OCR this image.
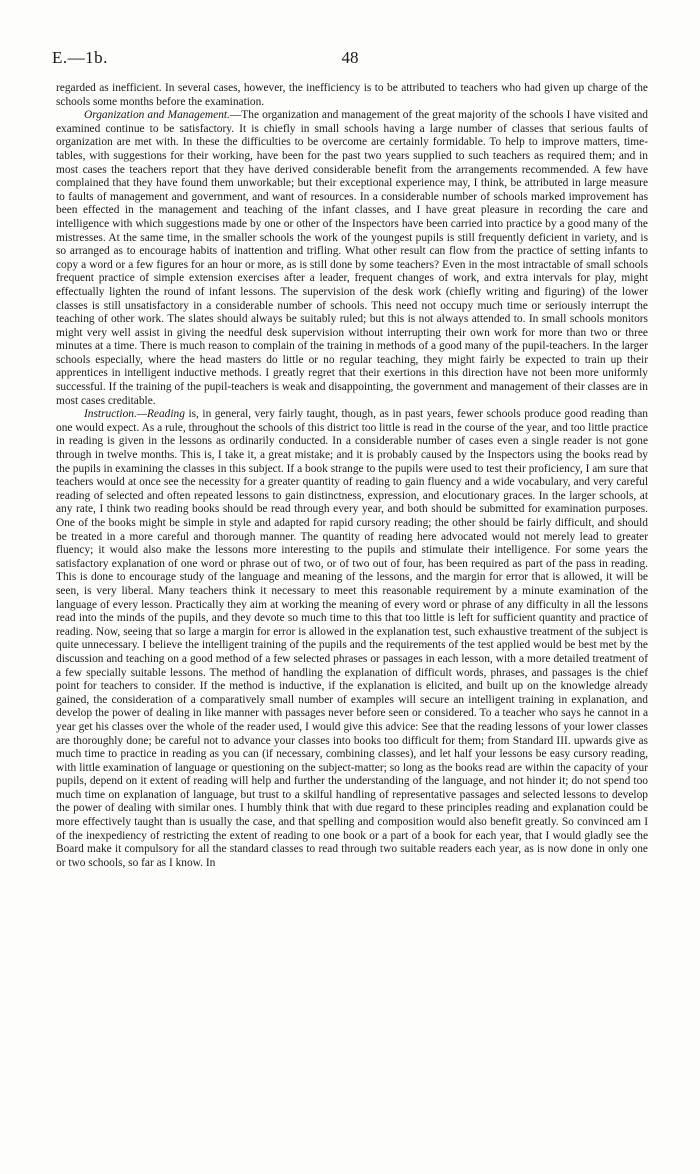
E.—1b.	48

regarded as inefficient. In several cases, however, the inefficiency is to be attributed to teachers who had given up charge of the schools some months before the examination.

Organization and Management.—The organization and management of the great majority of the schools I have visited and examined continue to be satisfactory. It is chiefly in small schools having a large number of classes that serious faults of organization are met with. In these the difficulties to be overcome are certainly formidable. To help to improve matters, time-tables, with suggestions for their working, have been for the past two years supplied to such teachers as required them; and in most cases the teachers report that they have derived considerable benefit from the arrangements recommended. A few have complained that they have found them unworkable; but their exceptional experience may, I think, be attributed in large measure to faults of management and government, and want of resources. In a considerable number of schools marked improvement has been effected in the management and teaching of the infant classes, and I have great pleasure in recording the care and intelligence with which suggestions made by one or other of the Inspectors have been carried into practice by a good many of the mistresses. At the same time, in the smaller schools the work of the youngest pupils is still frequently deficient in variety, and is so arranged as to encourage habits of inattention and trifling. What other result can flow from the practice of setting infants to copy a word or a few figures for an hour or more, as is still done by some teachers? Even in the most intractable of small schools frequent practice of simple extension exercises after a leader, frequent changes of work, and extra intervals for play, might effectually lighten the round of infant lessons. The supervision of the desk work (chiefly writing and figuring) of the lower classes is still unsatisfactory in a considerable number of schools. This need not occupy much time or seriously interrupt the teaching of other work. The slates should always be suitably ruled; but this is not always attended to. In small schools monitors might very well assist in giving the needful desk supervision without interrupting their own work for more than two or three minutes at a time. There is much reason to complain of the training in methods of a good many of the pupil-teachers. In the larger schools especially, where the head masters do little or no regular teaching, they might fairly be expected to train up their apprentices in intelligent inductive methods. I greatly regret that their exertions in this direction have not been more uniformly successful. If the training of the pupil-teachers is weak and disappointing, the government and management of their classes are in most cases creditable.

Instruction.—Reading is, in general, very fairly taught, though, as in past years, fewer schools produce good reading than one would expect. As a rule, throughout the schools of this district too little is read in the course of the year, and too little practice in reading is given in the lessons as ordinarily conducted. In a considerable number of cases even a single reader is not gone through in twelve months. This is, I take it, a great mistake; and it is probably caused by the Inspectors using the books read by the pupils in examining the classes in this subject. If a book strange to the pupils were used to test their proficiency, I am sure that teachers would at once see the necessity for a greater quantity of reading to gain fluency and a wide vocabulary, and very careful reading of selected and often repeated lessons to gain distinctness, expression, and elocutionary graces. In the larger schools, at any rate, I think two reading books should be read through every year, and both should be submitted for examination purposes. One of the books might be simple in style and adapted for rapid cursory reading; the other should be fairly difficult, and should be treated in a more careful and thorough manner. The quantity of reading here advocated would not merely lead to greater fluency; it would also make the lessons more interesting to the pupils and stimulate their intelligence. For some years the satisfactory explanation of one word or phrase out of two, or of two out of four, has been required as part of the pass in reading. This is done to encourage study of the language and meaning of the lessons, and the margin for error that is allowed, it will be seen, is very liberal. Many teachers think it necessary to meet this reasonable requirement by a minute examination of the language of every lesson. Practically they aim at working the meaning of every word or phrase of any difficulty in all the lessons read into the minds of the pupils, and they devote so much time to this that too little is left for sufficient quantity and practice of reading. Now, seeing that so large a margin for error is allowed in the explanation test, such exhaustive treatment of the subject is quite unnecessary. I believe the intelligent training of the pupils and the requirements of the test applied would be best met by the discussion and teaching on a good method of a few selected phrases or passages in each lesson, with a more detailed treatment of a few specially suitable lessons. The method of handling the explanation of difficult words, phrases, and passages is the chief point for teachers to consider. If the method is inductive, if the explanation is elicited, and built up on the knowledge already gained, the consideration of a comparatively small number of examples will secure an intelligent training in explanation, and develop the power of dealing in like manner with passages never before seen or considered. To a teacher who says he cannot in a year get his classes over the whole of the reader used, I would give this advice: See that the reading lessons of your lower classes are thoroughly done; be careful not to advance your classes into books too difficult for them; from Standard III. upwards give as much time to practice in reading as you can (if necessary, combining classes), and let half your lessons be easy cursory reading, with little examination of language or questioning on the subject-matter; so long as the books read are within the capacity of your pupils, depend on it extent of reading will help and further the understanding of the language, and not hinder it; do not spend too much time on explanation of language, but trust to a skilful handling of representative passages and selected lessons to develop the power of dealing with similar ones. I humbly think that with due regard to these principles reading and explanation could be more effectively taught than is usually the case, and that spelling and composition would also benefit greatly. So convinced am I of the inexpediency of restricting the extent of reading to one book or a part of a book for each year, that I would gladly see the Board make it compulsory for all the standard classes to read through two suitable readers each year, as is now done in only one or two schools, so far as I know. In
